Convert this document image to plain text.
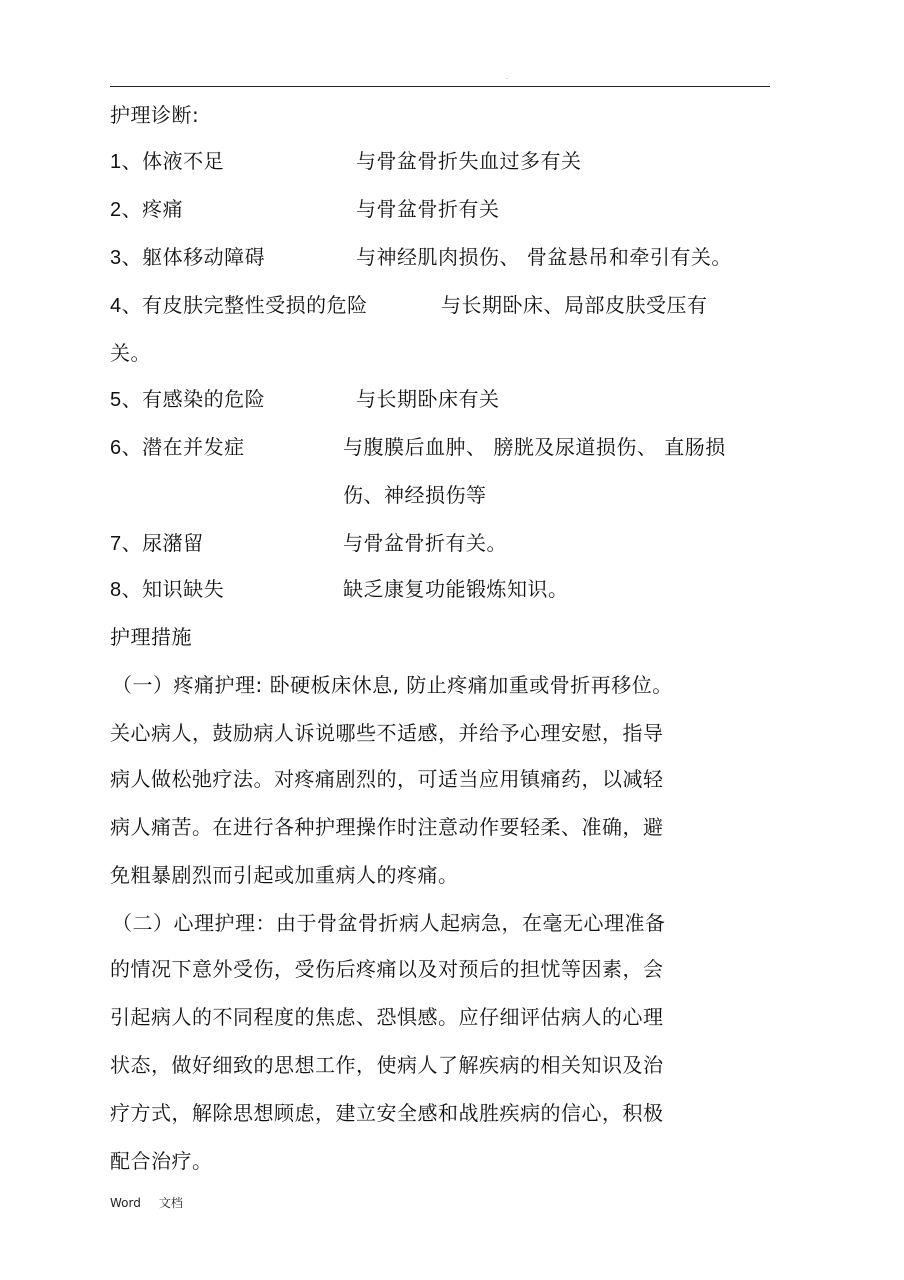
.
护理诊断:
1、体液不足	与骨盆骨折失血过多有关
2、疼痛	与骨盆骨折有关
3、躯体移动障碍	与神经肌肉损伤、 骨盆悬吊和牵引有关。
4、有皮肤完整性受损的危险	与长期卧床、局部皮肤受压有
关。
5、有感染的危险	与长期卧床有关
6、潜在并发症	与腹膜后血肿、 膀胱及尿道损伤、 直肠损
伤、神经损伤等
7、尿潴留	与骨盆骨折有关。
8、知识缺失	缺乏康复功能锻炼知识。
护理措施
（一）疼痛护理: 卧硬板床休息, 防止疼痛加重或骨折再移位。
关心病人，鼓励病人诉说哪些不适感，并给予心理安慰，指导
病人做松弛疗法。对疼痛剧烈的，可适当应用镇痛药，以减轻
病人痛苦。在进行各种护理操作时注意动作要轻柔、准确，避
免粗暴剧烈而引起或加重病人的疼痛。
（二）心理护理：由于骨盆骨折病人起病急，在毫无心理准备
的情况下意外受伤，受伤后疼痛以及对预后的担忧等因素，会
引起病人的不同程度的焦虑、恐惧感。应仔细评估病人的心理
状态，做好细致的思想工作，使病人了解疾病的相关知识及治
疗方式，解除思想顾虑，建立安全感和战胜疾病的信心，积极
配合治疗。
Word 文档
